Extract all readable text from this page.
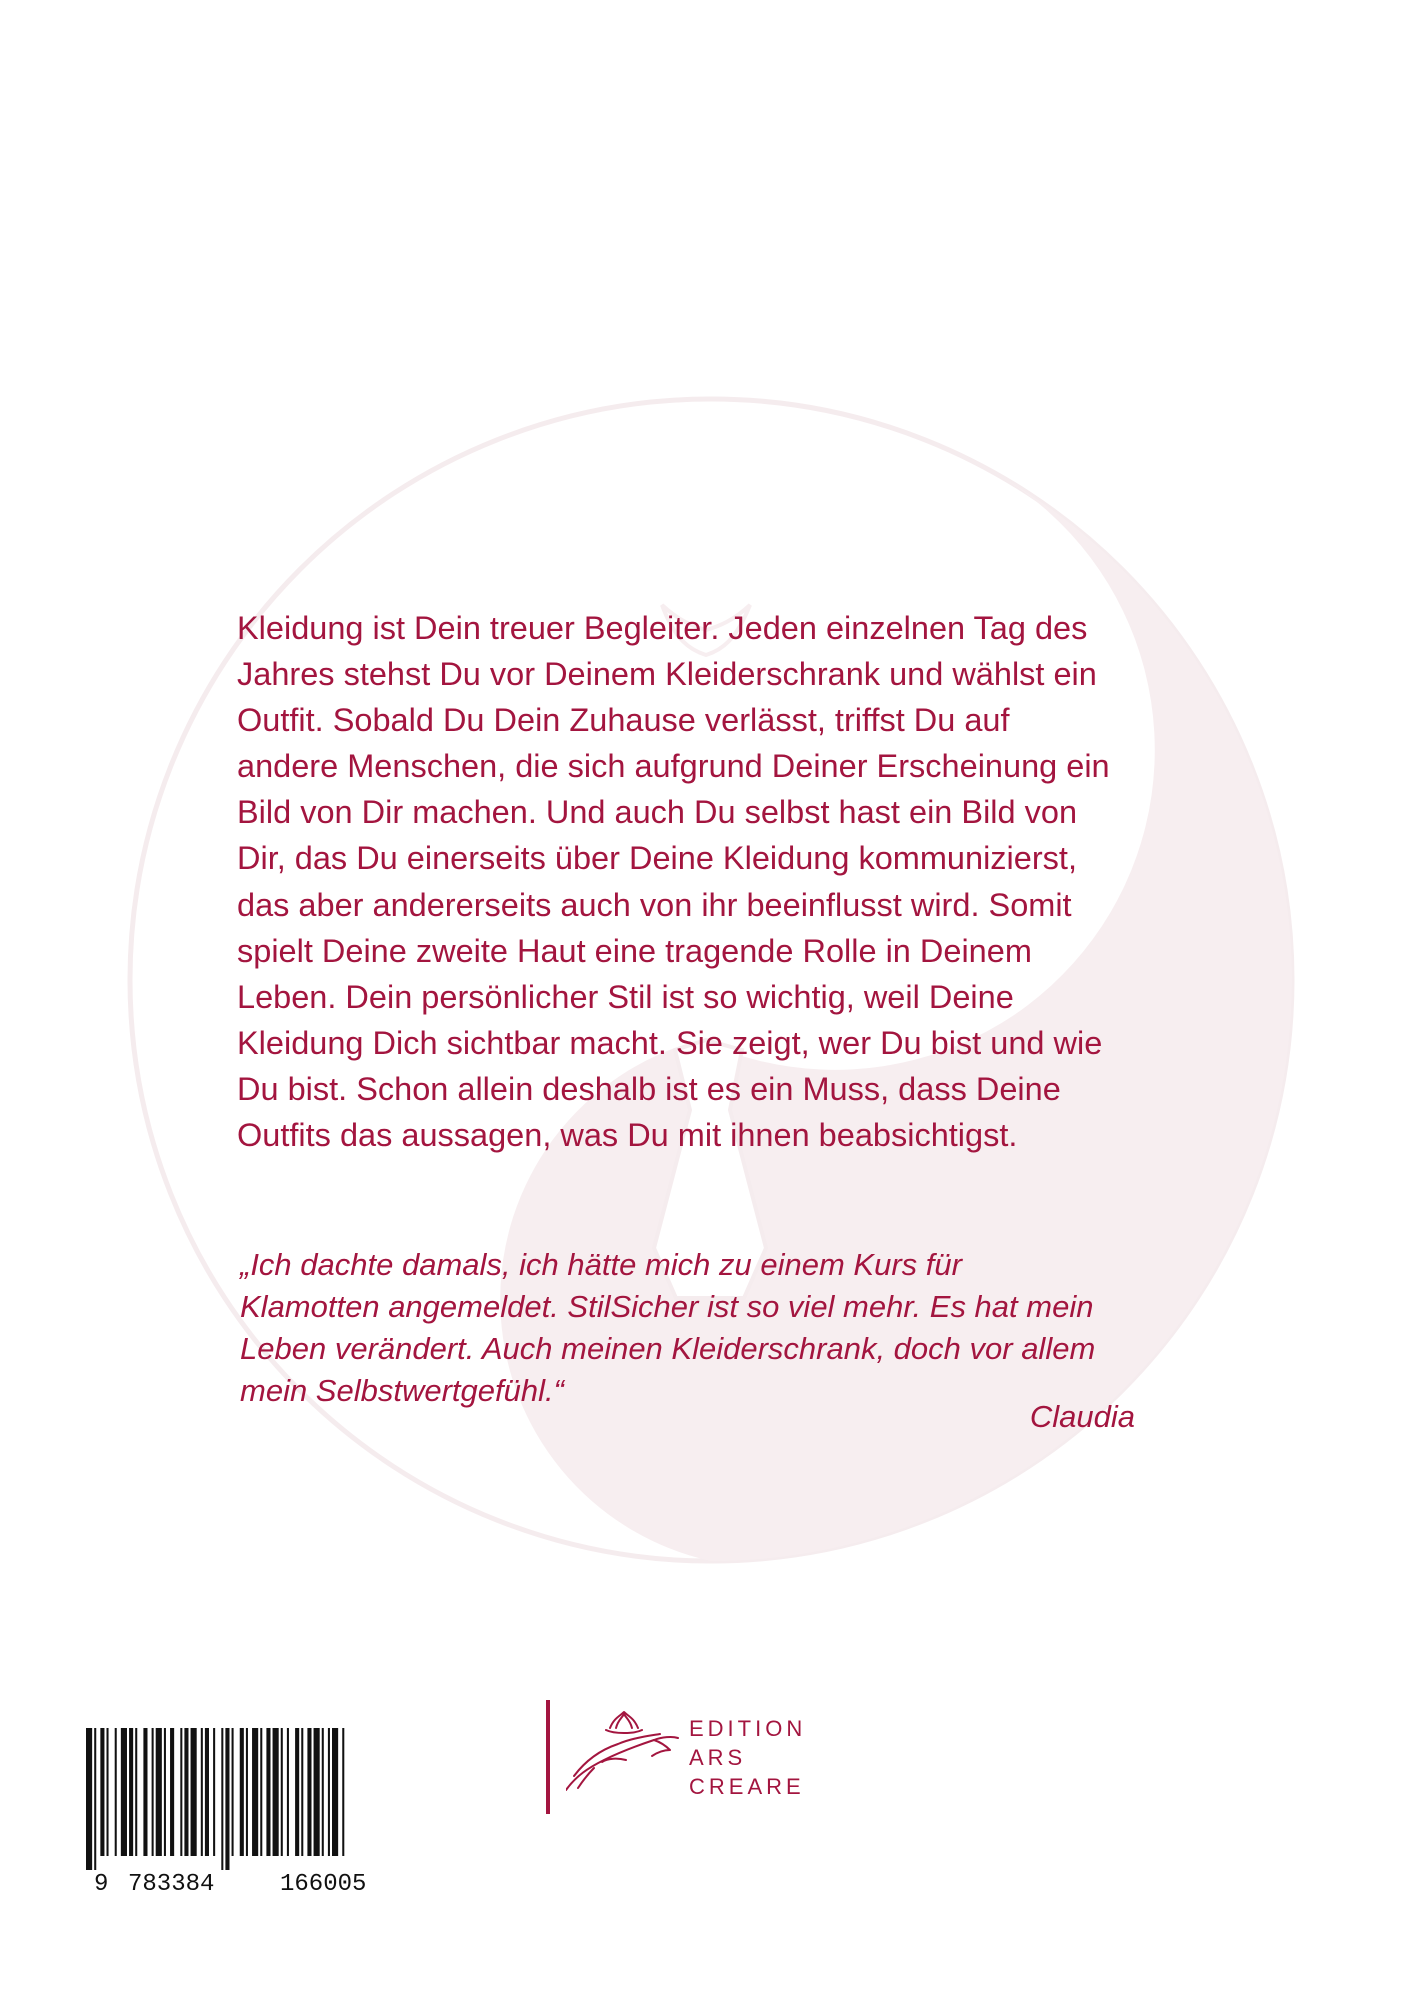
Kleidung ist Dein treuer Begleiter. Jeden einzelnen Tag des
Jahres stehst Du vor Deinem Kleiderschrank und wählst ein
Outfit. Sobald Du Dein Zuhause verlässt, triffst Du auf
andere Menschen, die sich aufgrund Deiner Erscheinung ein
Bild von Dir machen. Und auch Du selbst hast ein Bild von
Dir, das Du einerseits über Deine Kleidung kommunizierst,
das aber andererseits auch von ihr beeinflusst wird. Somit
spielt Deine zweite Haut eine tragende Rolle in Deinem
Leben. Dein persönlicher Stil ist so wichtig, weil Deine
Kleidung Dich sichtbar macht. Sie zeigt, wer Du bist und wie
Du bist. Schon allein deshalb ist es ein Muss, dass Deine
Outfits das aussagen, was Du mit ihnen beabsichtigst.

„Ich dachte damals, ich hätte mich zu einem Kurs für
Klamotten angemeldet. StilSicher ist so viel mehr. Es hat mein
Leben verändert. Auch meinen Kleiderschrank, doch vor allem
mein Selbstwertgefühl.“

Claudia

9 783384	166005
EDITION
ARS
CREARE
